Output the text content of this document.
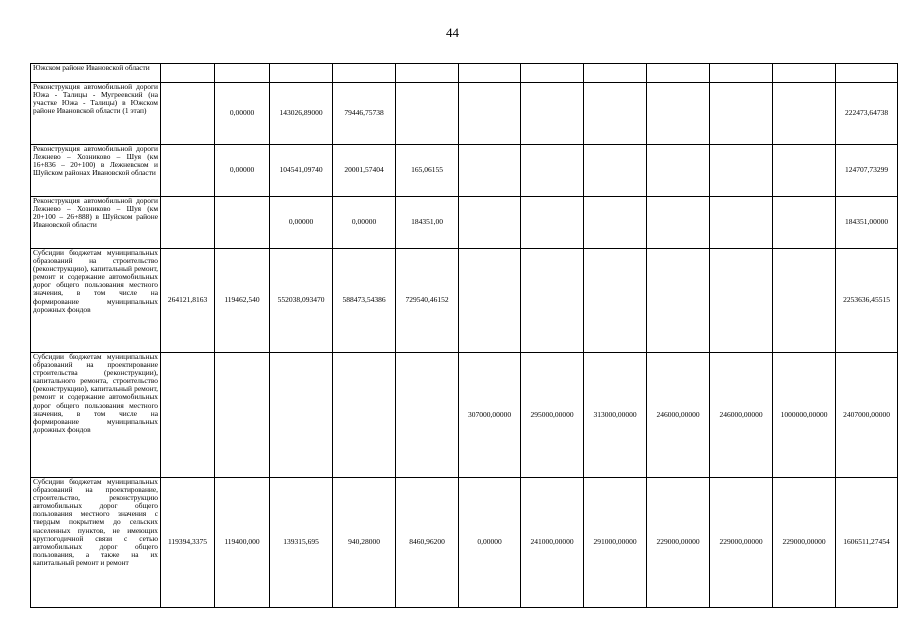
44
Южском районе Ивановской области												
Реконструкция автомобильной дороги Южа - Талицы - Мугреевский (на участке Южа - Талицы) в Южском районе Ивановской области (1 этап)		0,00000	143026,89000	79446,75738								222473,64738
Реконструкция автомобильной дороги Лежнево – Хозниково – Шуя (км 16+836 – 20+100) в Лежневском и Шуйском районах Ивановской области		0,00000	104541,09740	20001,57404	165,06155							124707,73299
Реконструкция автомобильной дороги Лежнево – Хозниково – Шуя (км 20+100 – 26+888) в Шуйском районе Ивановской области			0,00000	0,00000	184351,00							184351,00000
Субсидии бюджетам муниципальных образований на строительство (реконструкцию), капитальный ремонт, ремонт и содержание автомобильных дорог общего пользования местного значения, в том числе на формирование муниципальных дорожных фондов	264121,8163	119462,540	552038,093470	588473,54386	729540,46152							2253636,45515
Субсидии бюджетам муниципальных образований на проектирование строительства (реконструкции), капитального ремонта, строительство (реконструкцию), капитальный ремонт, ремонт и содержание автомобильных дорог общего пользования местного значения, в том числе на формирование муниципальных дорожных фондов						307000,00000	295000,00000	313000,00000	246000,00000	246000,00000	1000000,00000	2407000,00000
Субсидии бюджетам муниципальных образований на проектирование, строительство, реконструкцию автомобильных дорог общего пользования местного значения с твердым покрытием до сельских населенных пунктов, не имеющих круглогодичной связи с сетью автомобильных дорог общего пользования, а также на их капитальный ремонт и ремонт	119394,3375	119400,000	139315,695	940,28000	8460,96200	0,00000	241000,00000	291000,00000	229000,00000	229000,00000	229000,00000	1606511,27454
